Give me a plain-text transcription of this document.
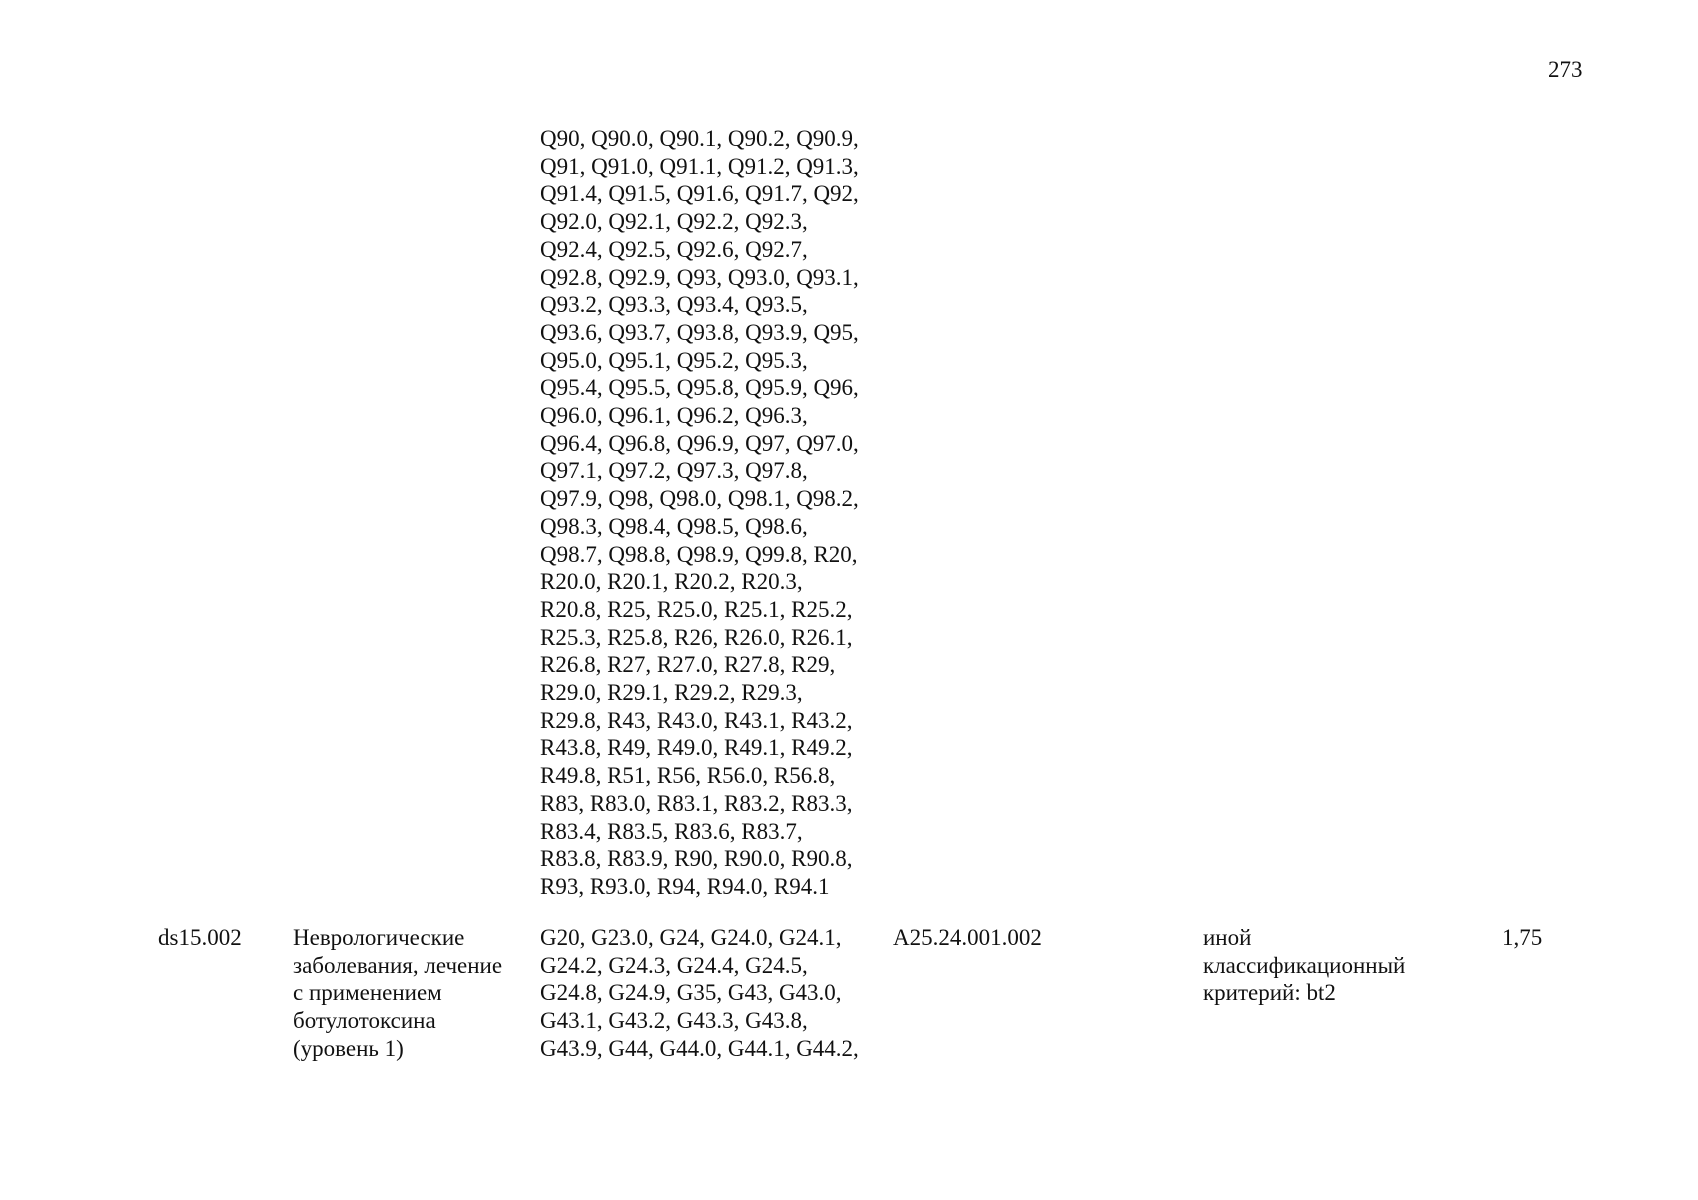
273
Q90, Q90.0, Q90.1, Q90.2, Q90.9,
Q91, Q91.0, Q91.1, Q91.2, Q91.3,
Q91.4, Q91.5, Q91.6, Q91.7, Q92,
Q92.0, Q92.1, Q92.2, Q92.3,
Q92.4, Q92.5, Q92.6, Q92.7,
Q92.8, Q92.9, Q93, Q93.0, Q93.1,
Q93.2, Q93.3, Q93.4, Q93.5,
Q93.6, Q93.7, Q93.8, Q93.9, Q95,
Q95.0, Q95.1, Q95.2, Q95.3,
Q95.4, Q95.5, Q95.8, Q95.9, Q96,
Q96.0, Q96.1, Q96.2, Q96.3,
Q96.4, Q96.8, Q96.9, Q97, Q97.0,
Q97.1, Q97.2, Q97.3, Q97.8,
Q97.9, Q98, Q98.0, Q98.1, Q98.2,
Q98.3, Q98.4, Q98.5, Q98.6,
Q98.7, Q98.8, Q98.9, Q99.8, R20,
R20.0, R20.1, R20.2, R20.3,
R20.8, R25, R25.0, R25.1, R25.2,
R25.3, R25.8, R26, R26.0, R26.1,
R26.8, R27, R27.0, R27.8, R29,
R29.0, R29.1, R29.2, R29.3,
R29.8, R43, R43.0, R43.1, R43.2,
R43.8, R49, R49.0, R49.1, R49.2,
R49.8, R51, R56, R56.0, R56.8,
R83, R83.0, R83.1, R83.2, R83.3,
R83.4, R83.5, R83.6, R83.7,
R83.8, R83.9, R90, R90.0, R90.8,
R93, R93.0, R94, R94.0, R94.1
ds15.002	Неврологические
заболевания, лечение
с применением
ботулотоксина
(уровень 1)
G20, G23.0, G24, G24.0, G24.1,
G24.2, G24.3, G24.4, G24.5,
G24.8, G24.9, G35, G43, G43.0,
G43.1, G43.2, G43.3, G43.8,
G43.9, G44, G44.0, G44.1, G44.2,
A25.24.001.002	иной
классификационный
критерий: bt2
1,75
